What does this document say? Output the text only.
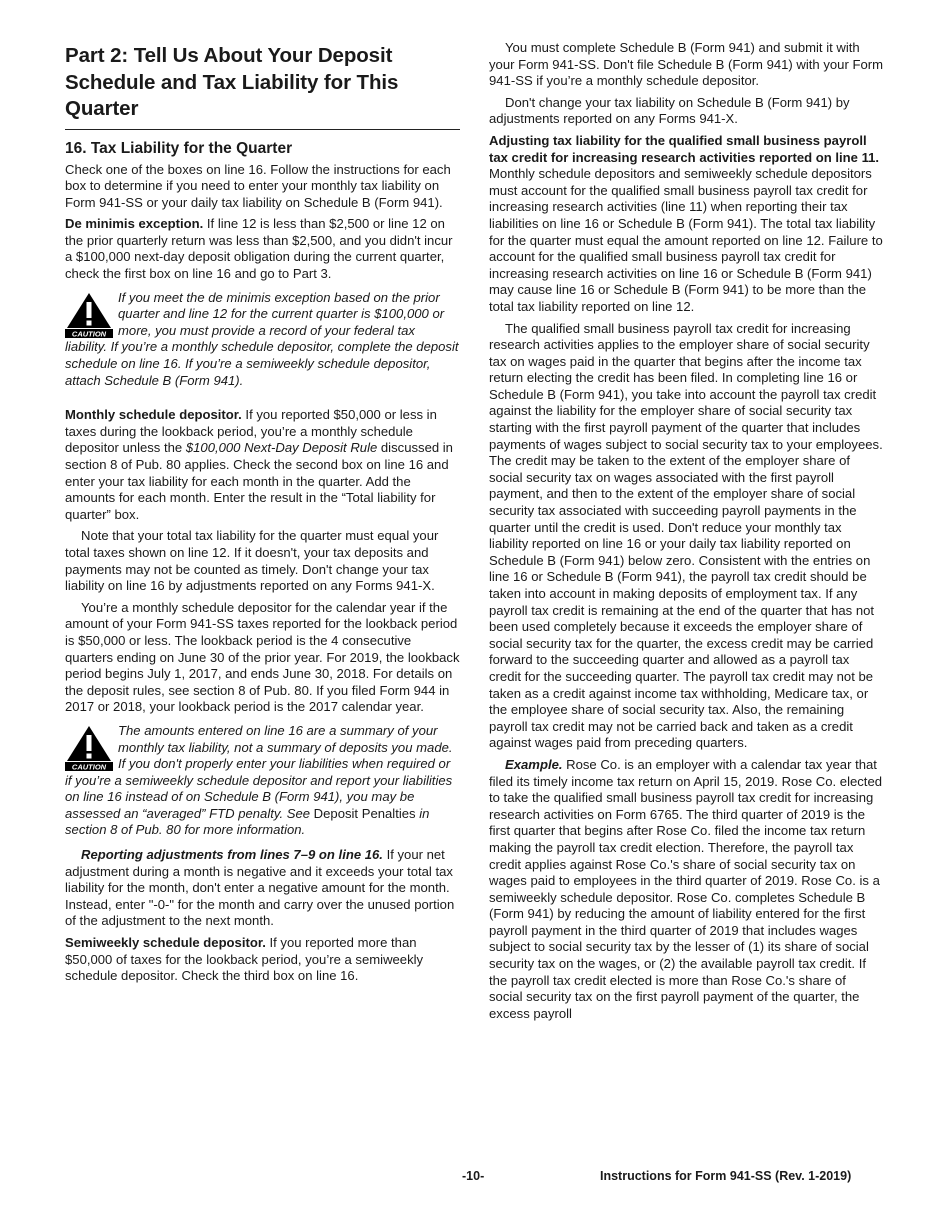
Part 2: Tell Us About Your Deposit Schedule and Tax Liability for This Quarter
16. Tax Liability for the Quarter

Check one of the boxes on line 16. Follow the instructions for each box to determine if you need to enter your monthly tax liability on Form 941-SS or your daily tax liability on Schedule B (Form 941).

De minimis exception. If line 12 is less than $2,500 or line 12 on the prior quarterly return was less than $2,500, and you didn't incur a $100,000 next-day deposit obligation during the current quarter, check the first box on line 16 and go to Part 3.

CAUTION
If you meet the de minimis exception based on the prior quarter and line 12 for the current quarter is $100,000 or more, you must provide a record of your federal tax liability. If you’re a monthly schedule depositor, complete the deposit schedule on line 16. If you’re a semiweekly schedule depositor, attach Schedule B (Form 941).

Monthly schedule depositor. If you reported $50,000 or less in taxes during the lookback period, you’re a monthly schedule depositor unless the $100,000 Next-Day Deposit Rule discussed in section 8 of Pub. 80 applies. Check the second box on line 16 and enter your tax liability for each month in the quarter. Add the amounts for each month. Enter the result in the “Total liability for quarter” box.

Note that your total tax liability for the quarter must equal your total taxes shown on line 12. If it doesn't, your tax deposits and payments may not be counted as timely. Don't change your tax liability on line 16 by adjustments reported on any Forms 941-X.

You’re a monthly schedule depositor for the calendar year if the amount of your Form 941-SS taxes reported for the lookback period is $50,000 or less. The lookback period is the 4 consecutive quarters ending on June 30 of the prior year. For 2019, the lookback period begins July 1, 2017, and ends June 30, 2018. For details on the deposit rules, see section 8 of Pub. 80. If you filed Form 944 in 2017 or 2018, your lookback period is the 2017 calendar year.

CAUTION
The amounts entered on line 16 are a summary of your monthly tax liability, not a summary of deposits you made. If you don't properly enter your liabilities when required or if you’re a semiweekly schedule depositor and report your liabilities on line 16 instead of on Schedule B (Form 941), you may be assessed an “averaged” FTD penalty. See Deposit Penalties in section 8 of Pub. 80 for more information.

Reporting adjustments from lines 7–9 on line 16. If your net adjustment during a month is negative and it exceeds your total tax liability for the month, don't enter a negative amount for the month. Instead, enter "-0-" for the month and carry over the unused portion of the adjustment to the next month.

Semiweekly schedule depositor. If you reported more than $50,000 of taxes for the lookback period, you’re a semiweekly schedule depositor. Check the third box on line 16.

You must complete Schedule B (Form 941) and submit it with your Form 941-SS. Don't file Schedule B (Form 941) with your Form 941-SS if you’re a monthly schedule depositor.

Don't change your tax liability on Schedule B (Form 941) by adjustments reported on any Forms 941-X.

Adjusting tax liability for the qualified small business payroll tax credit for increasing research activities reported on line 11. Monthly schedule depositors and semiweekly schedule depositors must account for the qualified small business payroll tax credit for increasing research activities (line 11) when reporting their tax liabilities on line 16 or Schedule B (Form 941). The total tax liability for the quarter must equal the amount reported on line 12. Failure to account for the qualified small business payroll tax credit for increasing research activities on line 16 or Schedule B (Form 941) may cause line 16 or Schedule B (Form 941) to be more than the total tax liability reported on line 12.

The qualified small business payroll tax credit for increasing research activities applies to the employer share of social security tax on wages paid in the quarter that begins after the income tax return electing the credit has been filed. In completing line 16 or Schedule B (Form 941), you take into account the payroll tax credit against the liability for the employer share of social security tax starting with the first payroll payment of the quarter that includes payments of wages subject to social security tax to your employees. The credit may be taken to the extent of the employer share of social security tax on wages associated with the first payroll payment, and then to the extent of the employer share of social security tax associated with succeeding payroll payments in the quarter until the credit is used. Don't reduce your monthly tax liability reported on line 16 or your daily tax liability reported on Schedule B (Form 941) below zero. Consistent with the entries on line 16 or Schedule B (Form 941), the payroll tax credit should be taken into account in making deposits of employment tax. If any payroll tax credit is remaining at the end of the quarter that has not been used completely because it exceeds the employer share of social security tax for the quarter, the excess credit may be carried forward to the succeeding quarter and allowed as a payroll tax credit for the succeeding quarter. The payroll tax credit may not be taken as a credit against income tax withholding, Medicare tax, or the employee share of social security tax. Also, the remaining payroll tax credit may not be carried back and taken as a credit against wages paid from preceding quarters.

Example. Rose Co. is an employer with a calendar tax year that filed its timely income tax return on April 15, 2019. Rose Co. elected to take the qualified small business payroll tax credit for increasing research activities on Form 6765. The third quarter of 2019 is the first quarter that begins after Rose Co. filed the income tax return making the payroll tax credit election. Therefore, the payroll tax credit applies against Rose Co.'s share of social security tax on wages paid to employees in the third quarter of 2019. Rose Co. is a semiweekly schedule depositor. Rose Co. completes Schedule B (Form 941) by reducing the amount of liability entered for the first payroll payment in the third quarter of 2019 that includes wages subject to social security tax by the lesser of (1) its share of social security tax on the wages, or (2) the available payroll tax credit. If the payroll tax credit elected is more than Rose Co.'s share of social security tax on the first payroll payment of the quarter, the excess payroll

-10-	Instructions for Form 941-SS (Rev. 1-2019)
